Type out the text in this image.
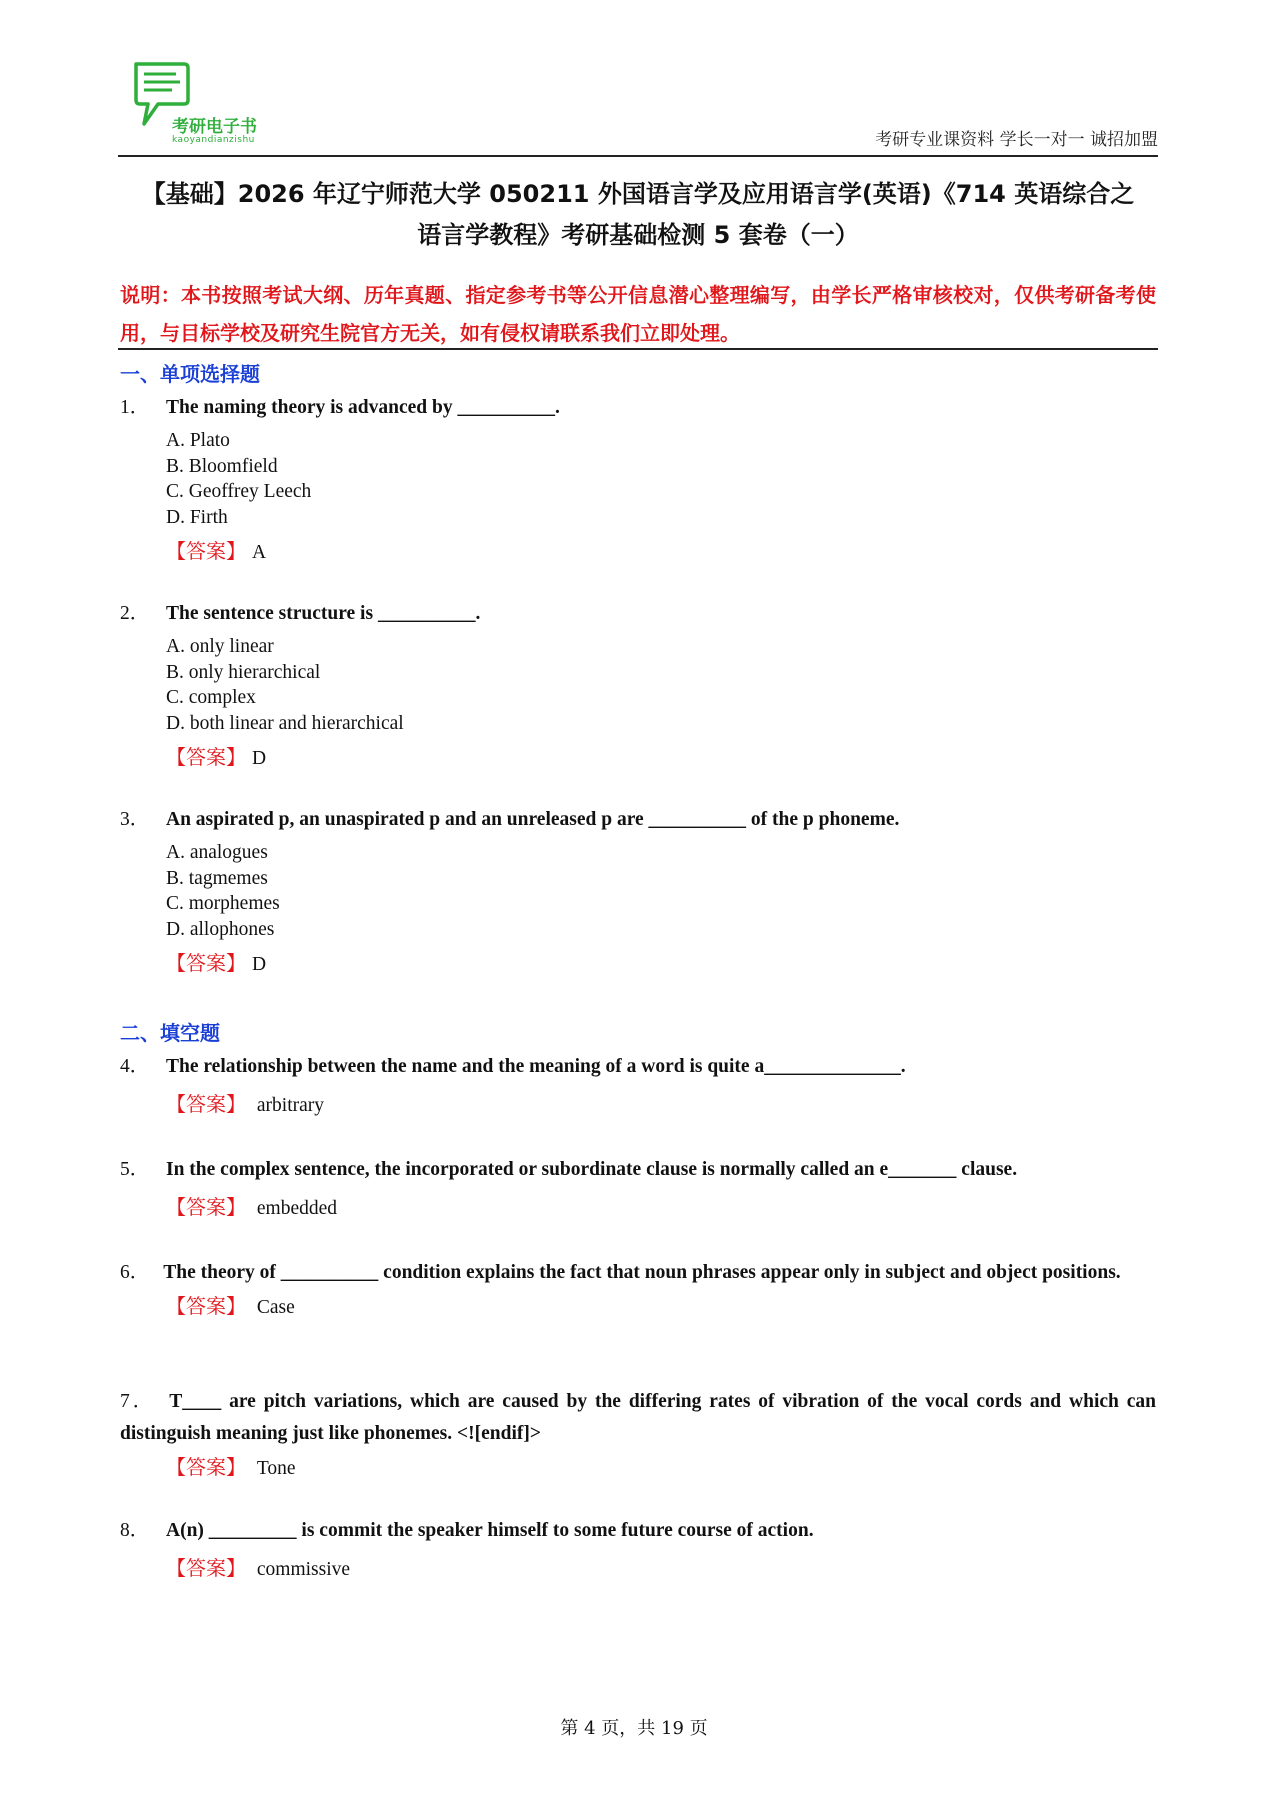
考研电子书
kaoyandianzishu	考研专业课资料 学长一对一 诚招加盟
【基础】2026 年辽宁师范大学 050211 外国语言学及应用语言学(英语)《714 英语综合之
语言学教程》考研基础检测 5 套卷（一）
说明：本书按照考试大纲、历年真题、指定参考书等公开信息潜心整理编写，由学长严格审核校对，仅供考研备考使用，与目标学校及研究生院官方无关，如有侵权请联系我们立即处理。
一、单项选择题
1． The naming theory is advanced by __________.
A. Plato
B. Bloomfield
C. Geoffrey Leech
D. Firth
【答案】 A
2． The sentence structure is __________.
A. only linear
B. only hierarchical
C. complex
D. both linear and hierarchical
【答案】 D
3． An aspirated p, an unaspirated p and an unreleased p are __________ of the p phoneme.
A. analogues
B. tagmemes
C. morphemes
D. allophones
【答案】 D
二、填空题
4． The relationship between the name and the meaning of a word is quite a______________.
【答案】 arbitrary
5． In the complex sentence, the incorporated or subordinate clause is normally called an e_______ clause.
【答案】 embedded
6． The theory of __________ condition explains the fact that noun phrases appear only in subject and object positions.
【答案】 Case
7． T____ are pitch variations, which are caused by the differing rates of vibration of the vocal cords and which can distinguish meaning just like phonemes. <![endif]>
【答案】 Tone
8． A(n) _________ is commit the speaker himself to some future course of action.
【答案】 commissive
第 4 页，共 19 页
